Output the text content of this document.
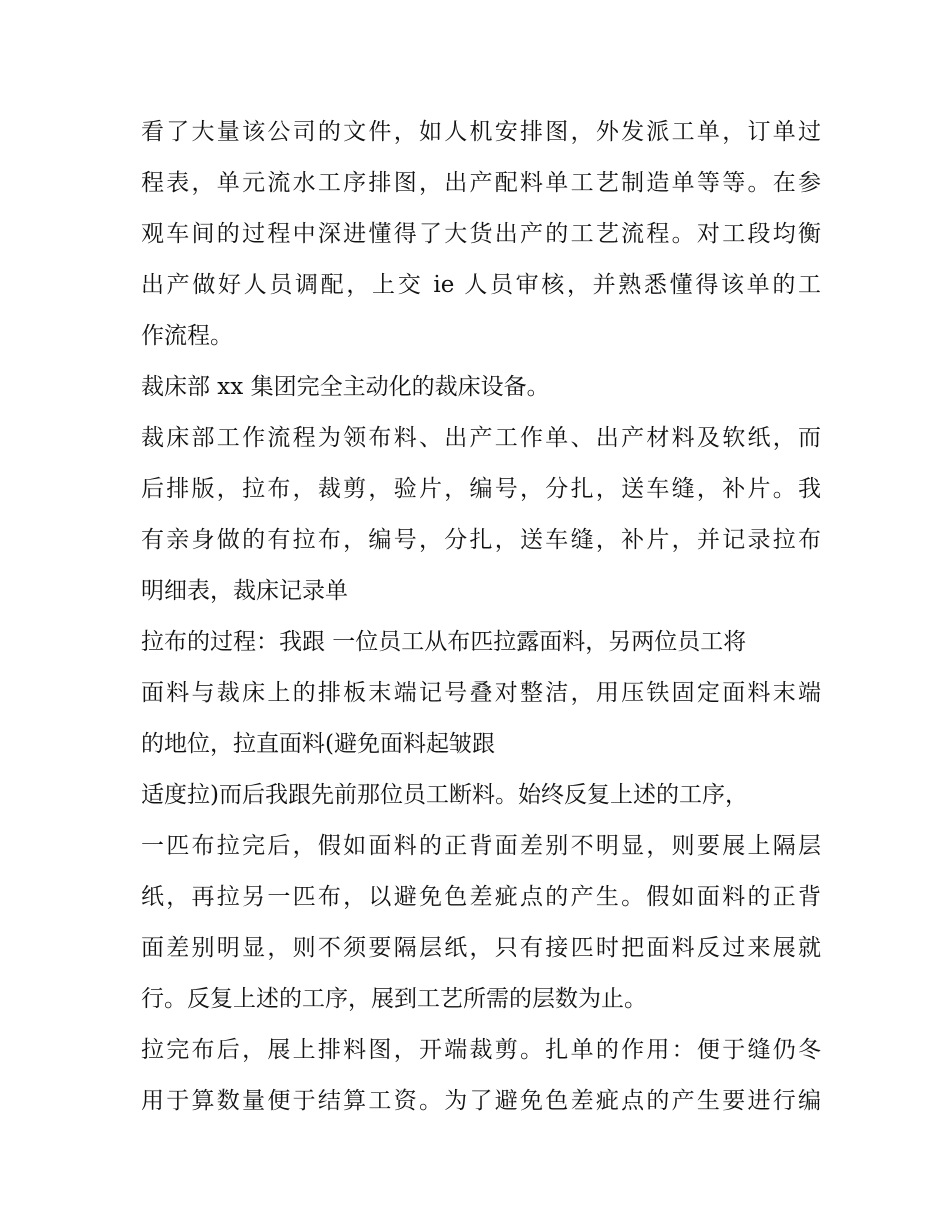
看了大量该公司的文件，如人机安排图，外发派工单，订单过
程表，单元流水工序排图，出产配料单工艺制造单等等。在参
观车间的过程中深进懂得了大货出产的工艺流程。对工段均衡
出产做好人员调配，上交 ie 人员审核，并熟悉懂得该单的工
作流程。
裁床部 xx 集团完全主动化的裁床设备。
裁床部工作流程为领布料、出产工作单、出产材料及软纸，而
后排版，拉布，裁剪，验片，编号，分扎，送车缝，补片。我
有亲身做的有拉布，编号，分扎，送车缝，补片，并记录拉布
明细表，裁床记录单
拉布的过程：我跟 一位员工从布匹拉露面料，另两位员工将
面料与裁床上的排板末端记号叠对整洁，用压铁固定面料末端
的地位，拉直面料(避免面料起皱跟
适度拉)而后我跟先前那位员工断料。始终反复上述的工序，
一匹布拉完后，假如面料的正背面差别不明显，则要展上隔层
纸，再拉另一匹布，以避免色差疵点的产生。假如面料的正背
面差别明显，则不须要隔层纸，只有接匹时把面料反过来展就
行。反复上述的工序，展到工艺所需的层数为止。
拉完布后，展上排料图，开端裁剪。扎单的作用：便于缝仍冬
用于算数量便于结算工资。为了避免色差疵点的产生要进行编
